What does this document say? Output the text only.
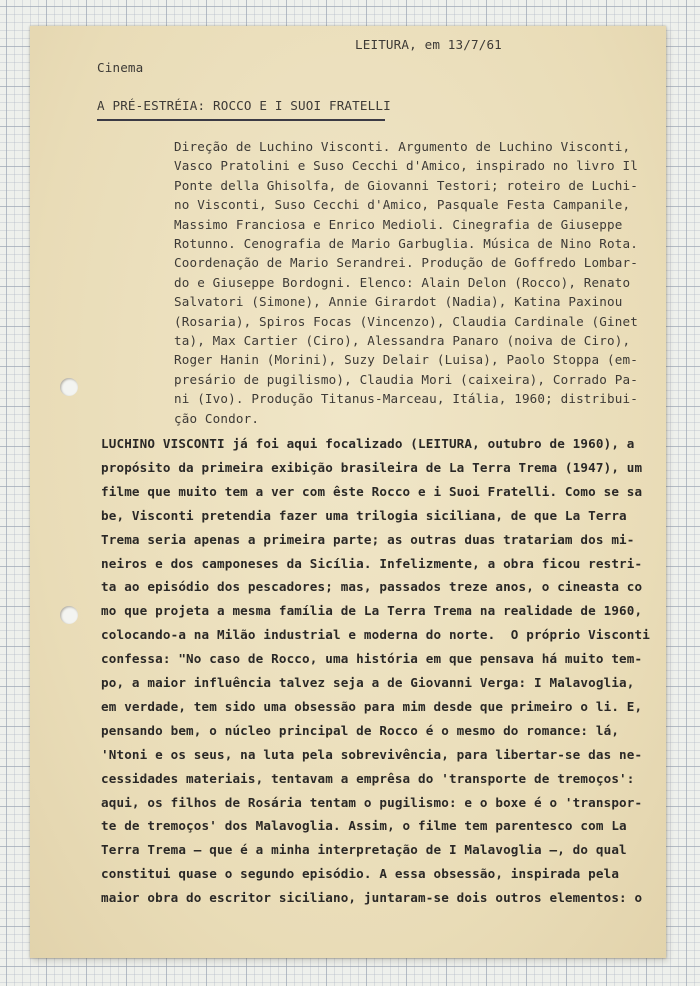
LEITURA, em 13/7/61
Cinema
A PRÉ-ESTRÉIA: ROCCO E I SUOI FRATELLI
Direção de Luchino Visconti. Argumento de Luchino Visconti,
Vasco Pratolini e Suso Cecchi d'Amico, inspirado no livro Il
Ponte della Ghisolfa, de Giovanni Testori; roteiro de Luchi-
no Visconti, Suso Cecchi d'Amico, Pasquale Festa Campanile,
Massimo Franciosa e Enrico Medioli. Cinegrafia de Giuseppe
Rotunno. Cenografia de Mario Garbuglia. Música de Nino Rota.
Coordenação de Mario Serandrei. Produção de Goffredo Lombar-
do e Giuseppe Bordogni. Elenco: Alain Delon (Rocco), Renato
Salvatori (Simone), Annie Girardot (Nadia), Katina Paxinou
(Rosaria), Spiros Focas (Vincenzo), Claudia Cardinale (Ginet
ta), Max Cartier (Ciro), Alessandra Panaro (noiva de Ciro),
Roger Hanin (Morini), Suzy Delair (Luisa), Paolo Stoppa (em-
presário de pugilismo), Claudia Mori (caixeira), Corrado Pa-
ni (Ivo). Produção Titanus-Marceau, Itália, 1960; distribui-
ção Condor.
LUCHINO VISCONTI já foi aqui focalizado (LEITURA, outubro de 1960), a
propósito da primeira exibição brasileira de La Terra Trema (1947), um
filme que muito tem a ver com êste Rocco e i Suoi Fratelli. Como se sa
be, Visconti pretendia fazer uma trilogia siciliana, de que La Terra
Trema seria apenas a primeira parte; as outras duas tratariam dos mi-
neiros e dos camponeses da Sicília. Infelizmente, a obra ficou restri-
ta ao episódio dos pescadores; mas, passados treze anos, o cineasta co
mo que projeta a mesma família de La Terra Trema na realidade de 1960,
colocando-a na Milão industrial e moderna do norte.  O próprio Visconti
confessa: "No caso de Rocco, uma história em que pensava há muito tem-
po, a maior influência talvez seja a de Giovanni Verga: I Malavoglia,
em verdade, tem sido uma obsessão para mim desde que primeiro o li. E,
pensando bem, o núcleo principal de Rocco é o mesmo do romance: lá,
'Ntoni e os seus, na luta pela sobrevivência, para libertar-se das ne-
cessidades materiais, tentavam a emprêsa do 'transporte de tremoços':
aqui, os filhos de Rosária tentam o pugilismo: e o boxe é o 'transpor-
te de tremoços' dos Malavoglia. Assim, o filme tem parentesco com La
Terra Trema — que é a minha interpretação de I Malavoglia —, do qual
constitui quase o segundo episódio. A essa obsessão, inspirada pela
maior obra do escritor siciliano, juntaram-se dois outros elementos: o
